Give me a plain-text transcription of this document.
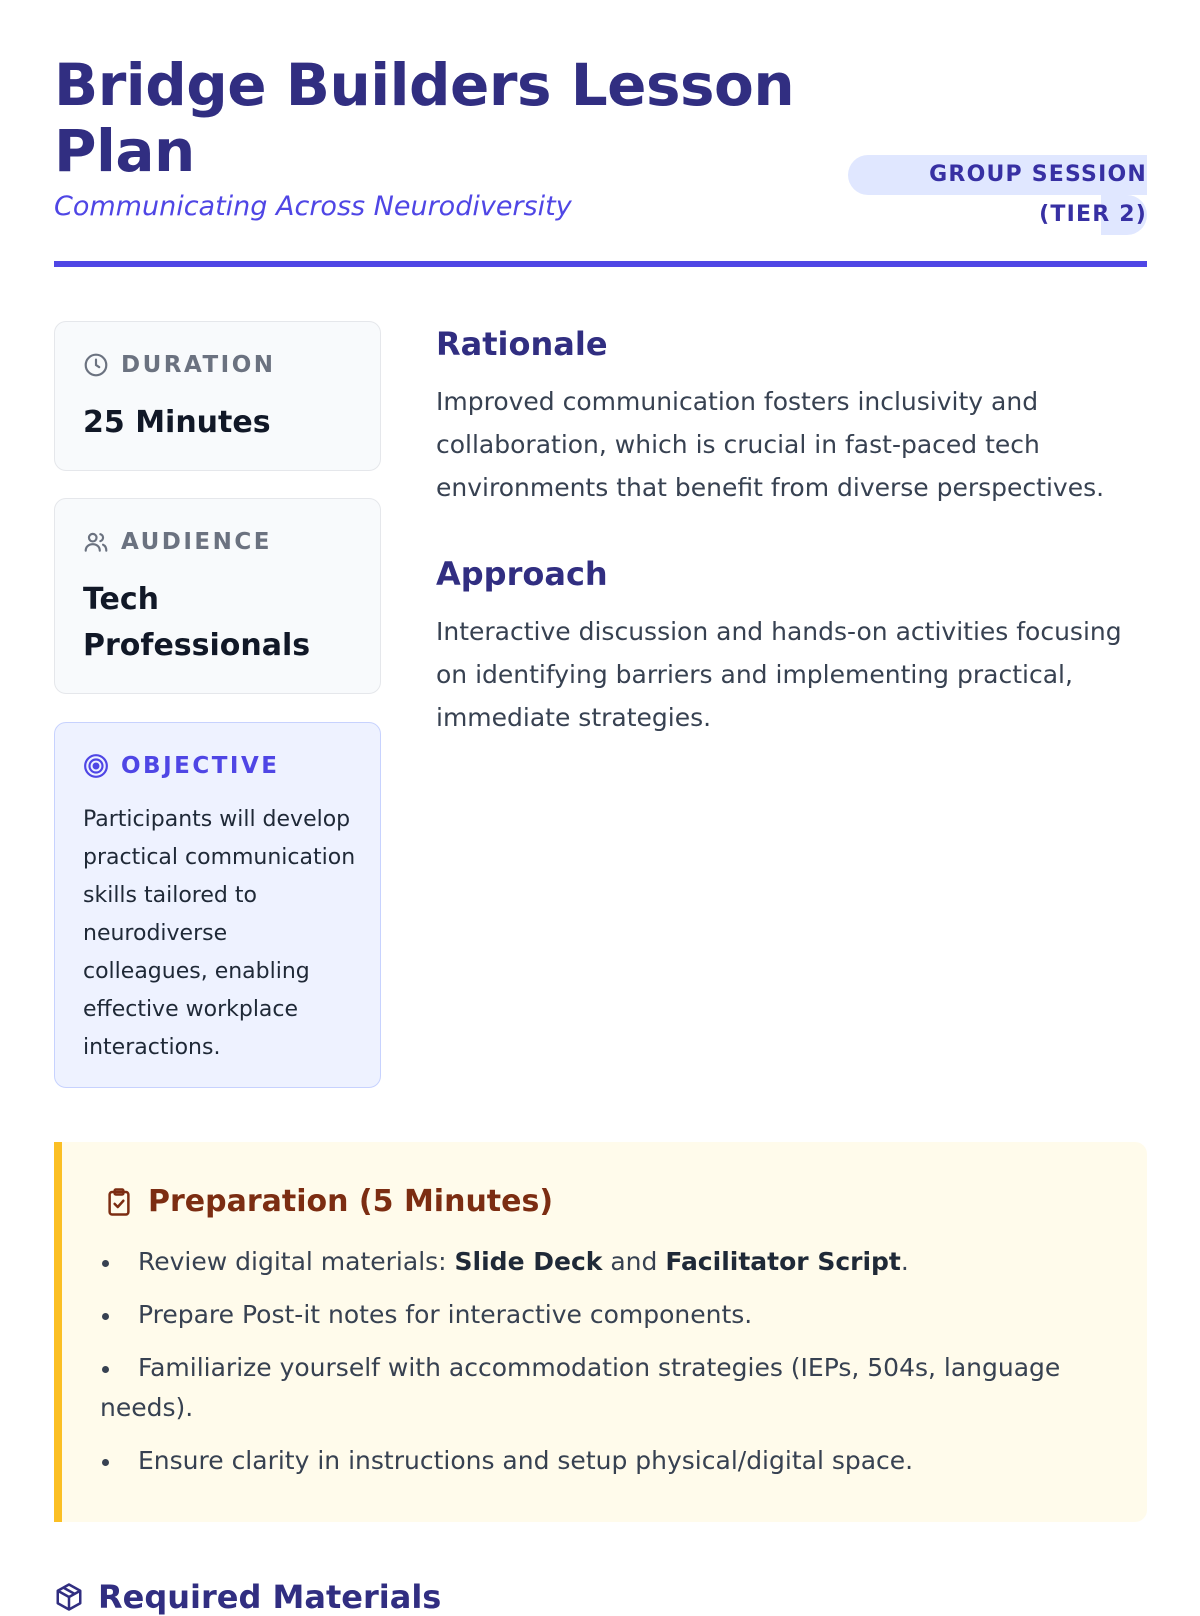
Bridge Builders Lesson Plan

Communicating Across Neurodiversity

GROUP SESSION (TIER 2)
DURATION
25 Minutes
AUDIENCE
Tech Professionals
OBJECTIVE
Participants will develop practical communication skills tailored to neurodiverse colleagues, enabling effective workplace interactions.
Rationale

Improved communication fosters inclusivity and collaboration, which is crucial in fast-paced tech environments that benefit from diverse perspectives.

Approach

Interactive discussion and hands-on activities focusing on identifying barriers and implementing practical, immediate strategies.

Preparation (5 Minutes)
Review digital materials: Slide Deck and Facilitator Script.
Prepare Post-it notes for interactive components.
Familiarize yourself with accommodation strategies (IEPs, 504s, language needs).
Ensure clarity in instructions and setup physical/digital space.
Required Materials
